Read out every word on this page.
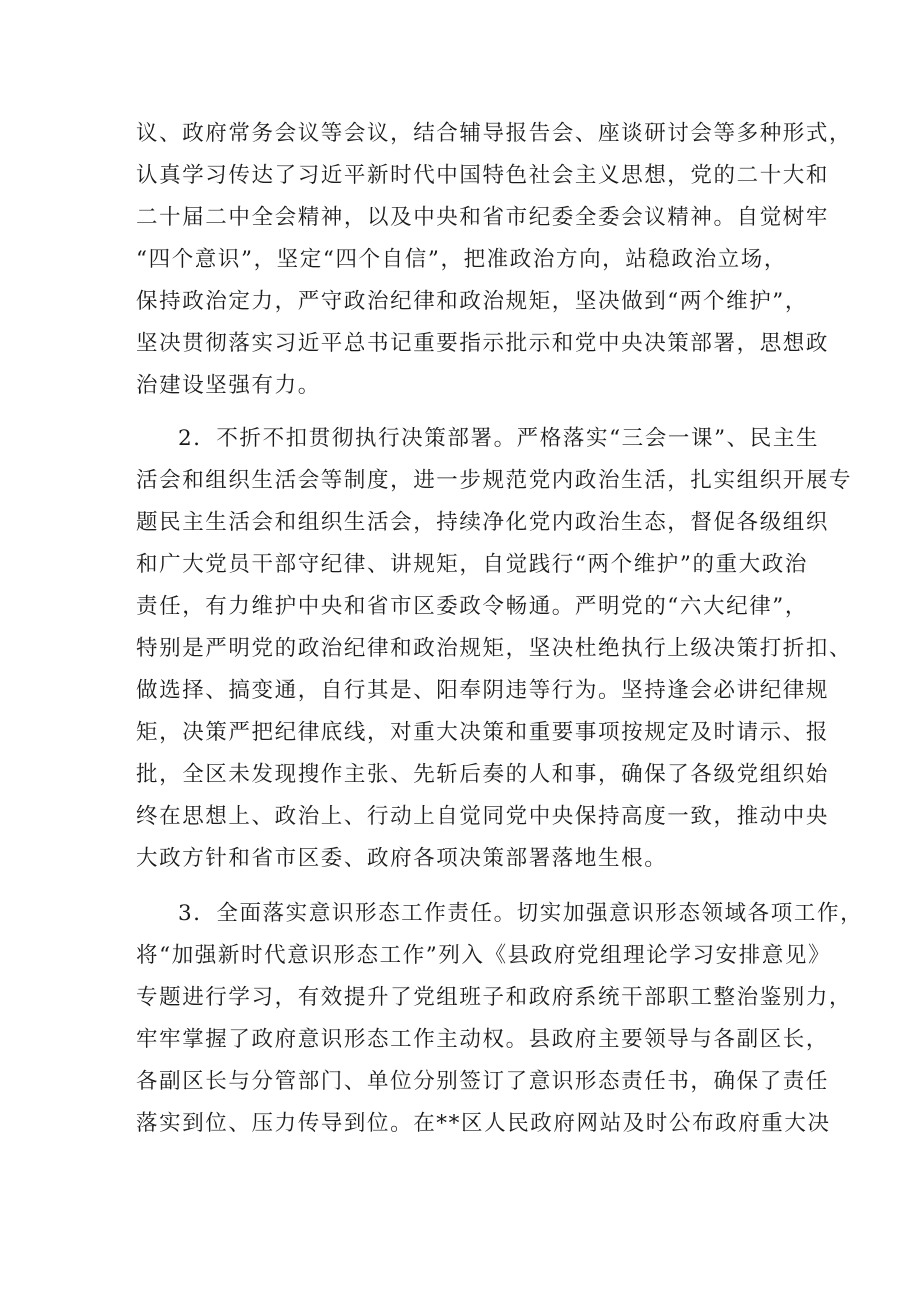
议、政府常务会议等会议，结合辅导报告会、座谈研讨会等多种形式，
认真学习传达了习近平新时代中国特色社会主义思想，党的二十大和
二十届二中全会精神，以及中央和省市纪委全委会议精神。自觉树牢
“四个意识”，坚定“四个自信”，把准政治方向，站稳政治立场，
保持政治定力，严守政治纪律和政治规矩，坚决做到“两个维护”，
坚决贯彻落实习近平总书记重要指示批示和党中央决策部署，思想政
治建设坚强有力。
2．不折不扣贯彻执行决策部署。严格落实“三会一课”、民主生
活会和组织生活会等制度，进一步规范党内政治生活，扎实组织开展专
题民主生活会和组织生活会，持续净化党内政治生态，督促各级组织
和广大党员干部守纪律、讲规矩，自觉践行“两个维护”的重大政治
责任，有力维护中央和省市区委政令畅通。严明党的“六大纪律”，
特别是严明党的政治纪律和政治规矩，坚决杜绝执行上级决策打折扣、
做选择、搞变通，自行其是、阳奉阴违等行为。坚持逢会必讲纪律规
矩，决策严把纪律底线，对重大决策和重要事项按规定及时请示、报
批，全区未发现搜作主张、先斩后奏的人和事，确保了各级党组织始
终在思想上、政治上、行动上自觉同党中央保持高度一致，推动中央
大政方针和省市区委、政府各项决策部署落地生根。
3．全面落实意识形态工作责任。切实加强意识形态领域各项工作，
将“加强新时代意识形态工作”列入《县政府党组理论学习安排意见》
专题进行学习，有效提升了党组班子和政府系统干部职工整治鉴别力，
牢牢掌握了政府意识形态工作主动权。县政府主要领导与各副区长，
各副区长与分管部门、单位分别签订了意识形态责任书，确保了责任
落实到位、压力传导到位。在**区人民政府网站及时公布政府重大决
